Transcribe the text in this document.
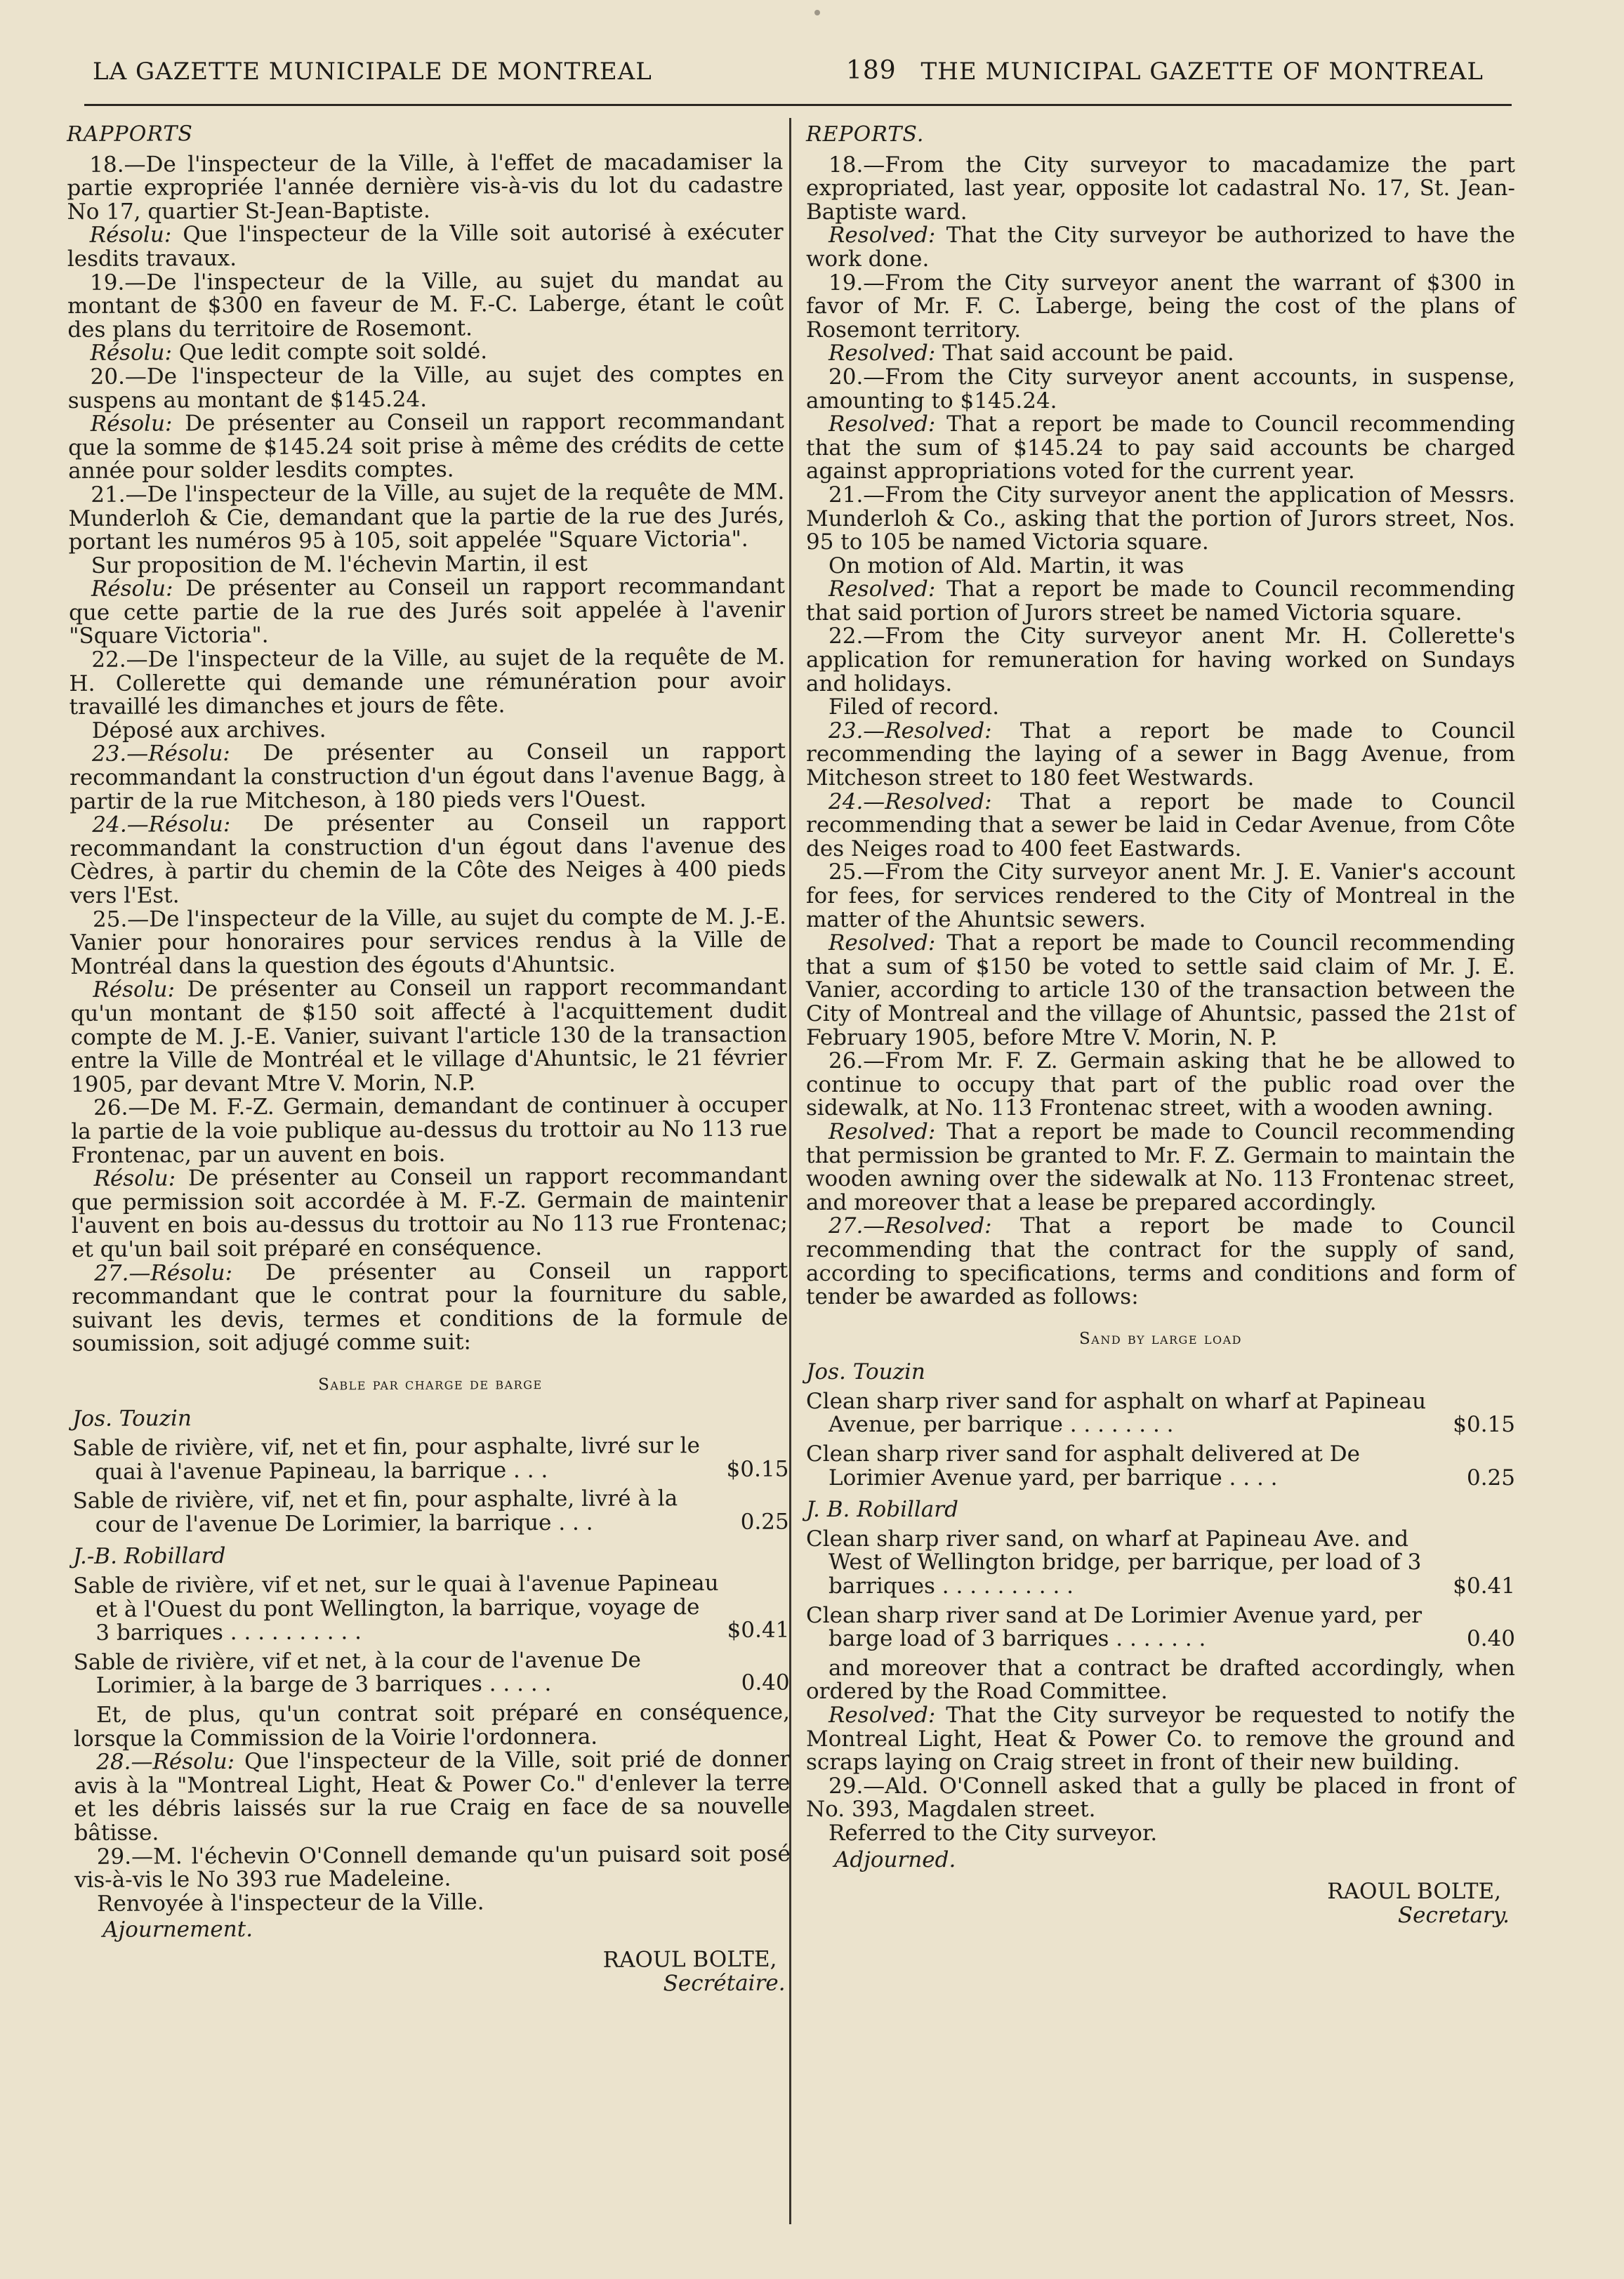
LA GAZETTE MUNICIPALE DE MONTREAL	189 THE MUNICIPAL GAZETTE OF MONTREAL
RAPPORTS

18.—De l'inspecteur de la Ville, à l'effet de macadamiser la partie expropriée l'année dernière vis-à-vis du lot du cadastre No 17, quartier St-Jean-Baptiste.

Résolu: Que l'inspecteur de la Ville soit autorisé à exécuter lesdits travaux.

19.—De l'inspecteur de la Ville, au sujet du mandat au montant de $300 en faveur de M. F.-C. Laberge, étant le coût des plans du territoire de Rosemont.

Résolu: Que ledit compte soit soldé.

20.—De l'inspecteur de la Ville, au sujet des comptes en suspens au montant de $145.24.

Résolu: De présenter au Conseil un rapport recommandant que la somme de $145.24 soit prise à même des crédits de cette année pour solder lesdits comptes.

21.—De l'inspecteur de la Ville, au sujet de la requête de MM. Munderloh & Cie, demandant que la partie de la rue des Jurés, portant les numéros 95 à 105, soit appelée "Square Victoria".

Sur proposition de M. l'échevin Martin, il est

Résolu: De présenter au Conseil un rapport recommandant que cette partie de la rue des Jurés soit appelée à l'avenir "Square Victoria".

22.—De l'inspecteur de la Ville, au sujet de la requête de M. H. Collerette qui demande une rémunération pour avoir travaillé les dimanches et jours de fête.

Déposé aux archives.

23.—Résolu: De présenter au Conseil un rapport recommandant la construction d'un égout dans l'avenue Bagg, à partir de la rue Mitcheson, à 180 pieds vers l'Ouest.

24.—Résolu: De présenter au Conseil un rapport recommandant la construction d'un égout dans l'avenue des Cèdres, à partir du chemin de la Côte des Neiges à 400 pieds vers l'Est.

25.—De l'inspecteur de la Ville, au sujet du compte de M. J.-E. Vanier pour honoraires pour services rendus à la Ville de Montréal dans la question des égouts d'Ahuntsic.

Résolu: De présenter au Conseil un rapport recommandant qu'un montant de $150 soit affecté à l'acquittement dudit compte de M. J.-E. Vanier, suivant l'article 130 de la transaction entre la Ville de Montréal et le village d'Ahuntsic, le 21 février 1905, par devant Mtre V. Morin, N.P.

26.—De M. F.-Z. Germain, demandant de continuer à occuper la partie de la voie publique au-dessus du trottoir au No 113 rue Frontenac, par un auvent en bois.

Résolu: De présenter au Conseil un rapport recommandant que permission soit accordée à M. F.-Z. Germain de maintenir l'auvent en bois au-dessus du trottoir au No 113 rue Frontenac; et qu'un bail soit préparé en conséquence.

27.—Résolu: De présenter au Conseil un rapport recommandant que le contrat pour la fourniture du sable, suivant les devis, termes et conditions de la formule de soumission, soit adjugé comme suit:

Sable par charge de barge
Jos. Touzin
Sable de rivière, vif, net et fin, pour asphalte, livré sur le quai à l'avenue Papineau, la barrique . . .	$0.15
Sable de rivière, vif, net et fin, pour asphalte, livré à la cour de l'avenue De Lorimier, la barrique . . .	0.25
J.-B. Robillard
Sable de rivière, vif et net, sur le quai à l'avenue Papineau et à l'Ouest du pont Wellington, la barrique, voyage de 3 barriques . . . . . . . . . .	$0.41
Sable de rivière, vif et net, à la cour de l'avenue De Lorimier, à la barge de 3 barriques . . . . .	0.40

Et, de plus, qu'un contrat soit préparé en conséquence, lorsque la Commission de la Voirie l'ordonnera.

28.—Résolu: Que l'inspecteur de la Ville, soit prié de donner avis à la "Montreal Light, Heat & Power Co." d'enlever la terre et les débris laissés sur la rue Craig en face de sa nouvelle bâtisse.

29.—M. l'échevin O'Connell demande qu'un puisard soit posé vis-à-vis le No 393 rue Madeleine.

Renvoyée à l'inspecteur de la Ville.

Ajournement.
RAOUL BOLTE,
Secrétaire.
REPORTS.

18.—From the City surveyor to macadamize the part expropriated, last year, opposite lot cadastral No. 17, St. Jean-Baptiste ward.

Resolved: That the City surveyor be authorized to have the work done.

19.—From the City surveyor anent the warrant of $300 in favor of Mr. F. C. Laberge, being the cost of the plans of Rosemont territory.

Resolved: That said account be paid.

20.—From the City surveyor anent accounts, in suspense, amounting to $145.24.

Resolved: That a report be made to Council recommending that the sum of $145.24 to pay said accounts be charged against appropriations voted for the current year.

21.—From the City surveyor anent the application of Messrs. Munderloh & Co., asking that the portion of Jurors street, Nos. 95 to 105 be named Victoria square.

On motion of Ald. Martin, it was

Resolved: That a report be made to Council recommending that said portion of Jurors street be named Victoria square.

22.—From the City surveyor anent Mr. H. Collerette's application for remuneration for having worked on Sundays and holidays.

Filed of record.

23.—Resolved: That a report be made to Council recommending the laying of a sewer in Bagg Avenue, from Mitcheson street to 180 feet Westwards.

24.—Resolved: That a report be made to Council recommending that a sewer be laid in Cedar Avenue, from Côte des Neiges road to 400 feet Eastwards.

25.—From the City surveyor anent Mr. J. E. Vanier's account for fees, for services rendered to the City of Montreal in the matter of the Ahuntsic sewers.

Resolved: That a report be made to Council recommending that a sum of $150 be voted to settle said claim of Mr. J. E. Vanier, according to article 130 of the transaction between the City of Montreal and the village of Ahuntsic, passed the 21st of February 1905, before Mtre V. Morin, N. P.

26.—From Mr. F. Z. Germain asking that he be allowed to continue to occupy that part of the public road over the sidewalk, at No. 113 Frontenac street, with a wooden awning.

Resolved: That a report be made to Council recommending that permission be granted to Mr. F. Z. Germain to maintain the wooden awning over the sidewalk at No. 113 Frontenac street, and moreover that a lease be prepared accordingly.

27.—Resolved: That a report be made to Council recommending that the contract for the supply of sand, according to specifications, terms and conditions and form of tender be awarded as follows:

Sand by large load
Jos. Touzin
Clean sharp river sand for asphalt on wharf at Papineau Avenue, per barrique . . . . . . . .	$0.15
Clean sharp river sand for asphalt delivered at De Lorimier Avenue yard, per barrique . . . .	0.25
J. B. Robillard
Clean sharp river sand, on wharf at Papineau Ave. and West of Wellington bridge, per barrique, per load of 3 barriques . . . . . . . . . .	$0.41
Clean sharp river sand at De Lorimier Avenue yard, per barge load of 3 barriques . . . . . . .	0.40

and moreover that a contract be drafted accordingly, when ordered by the Road Committee.

Resolved: That the City surveyor be requested to notify the Montreal Light, Heat & Power Co. to remove the ground and scraps laying on Craig street in front of their new building.

29.—Ald. O'Connell asked that a gully be placed in front of No. 393, Magdalen street.

Referred to the City surveyor.

Adjourned.
RAOUL BOLTE,
Secretary.
